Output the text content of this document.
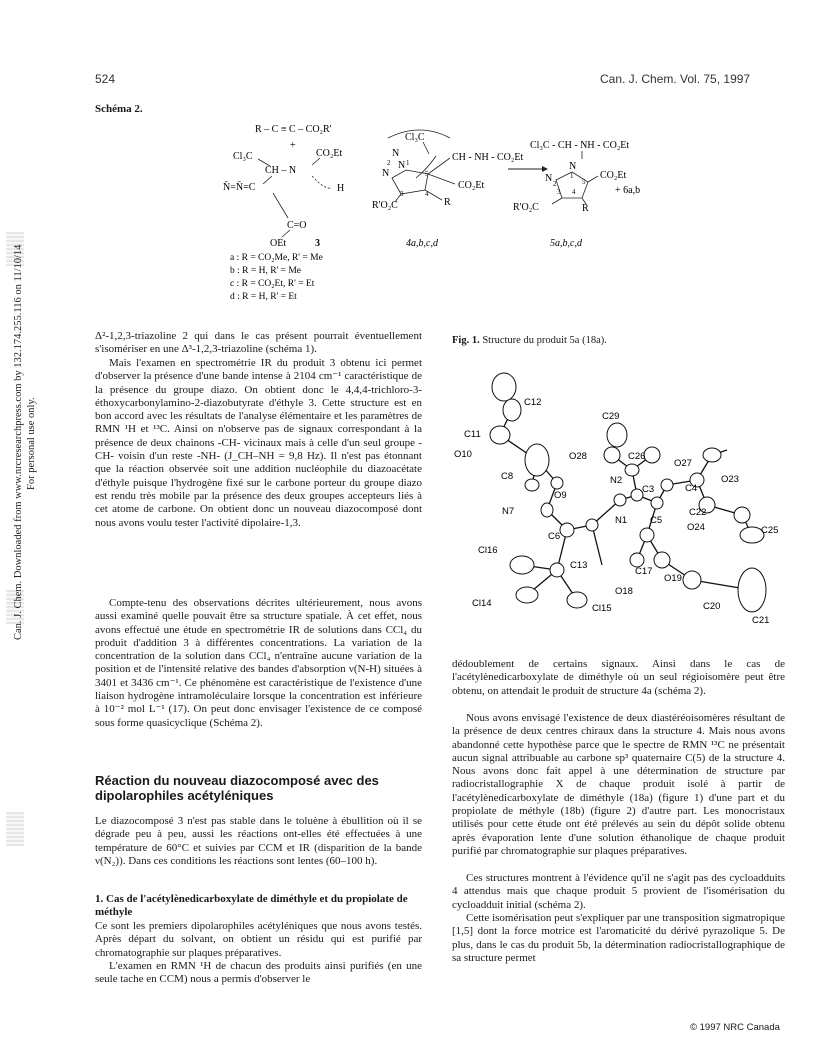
524	Can. J. Chem. Vol. 75, 1997
Can. J. Chem. Downloaded from www.nrcresearchpress.com by 132.174.255.116 on 11/10/14 For personal use only.
Schéma 2.
R – C ≡ C – CO₂R'
+
Cl₃C
CH – N
CO₂Et
H
N̄=N̄=C
C=O
OEt	3
Cl₃C
CH - NH - CO₂Et
CO₂Et
R
R'O₂C
N
N
N
2 1
5
4
3
4a,b,c,d
Cl₃C - CH - NH - CO₂Et
N
N	CO₂Et
+ 6a,b
R
R'O₂C
2
1
5
3 4
5a,b,c,d
a : R = CO₂Me, R' = Me
b : R = H, R' = Me
c : R = CO₂Et, R' = Et
d : R = H, R' = Et

Δ²-1,2,3-triazoline 2 qui dans le cas présent pourrait éventuellement s'isomériser en une Δ³-1,2,3-triazoline (schéma 1).

Mais l'examen en spectrométrie IR du produit 3 obtenu ici permet d'observer la présence d'une bande intense à 2104 cm⁻¹ caractéristique de la présence du groupe diazo. On obtient donc le 4,4,4-trichloro-3-éthoxycarbonylamino-2-diazobutyrate d'éthyle 3. Cette structure est en bon accord avec les résultats de l'analyse élémentaire et les paramètres de RMN ¹H et ¹³C. Ainsi on n'observe pas de signaux correspondant à la présence de deux chainons -CH- vicinaux mais à celle d'un seul groupe -CH- voisin d'un reste -NH- (J_CH–NH = 9,8 Hz). Il n'est pas étonnant que la réaction observée soit une addition nucléophile du diazoacétate d'éthyle puisque l'hydrogène fixé sur le carbone porteur du groupe diazo est rendu très mobile par la présence des deux groupes accepteurs liés à cet atome de carbone. On obtient donc un nouveau diazocomposé dont nous avons voulu tester l'activité dipolaire-1,3.

Compte-tenu des observations décrites ultérieurement, nous avons aussi examiné quelle pouvait être sa structure spatiale. À cet effet, nous avons effectué une étude en spectrométrie IR de solutions dans CCl₄ du produit d'addition 3 à différentes concentrations. La variation de la concentration de la solution dans CCl₄ n'entraîne aucune variation de la position et de l'intensité relative des bandes d'absorption ν(N-H) situées à 3401 et 3436 cm⁻¹. Ce phénomène est caractéristique de l'existence d'une liaison hydrogène intramoléculaire lorsque la concentration est inférieure à 10⁻² mol L⁻¹ (17). On peut donc envisager l'existence de ce composé sous forme quasicyclique (Schéma 2).

Réaction du nouveau diazocomposé avec des dipolarophiles acétyléniques

Le diazocomposé 3 n'est pas stable dans le toluène à ébullition où il se dégrade peu à peu, aussi les réactions ont-elles été effectuées à une température de 60°C et suivies par CCM et IR (disparition de la bande ν(N₂)). Dans ces conditions les réactions sont lentes (60–100 h).

1. Cas de l'acétylènedicarboxylate de diméthyle et du propiolate de méthyle

Ce sont les premiers dipolarophiles acétyléniques que nous avons testés. Après départ du solvant, on obtient un résidu qui est purifié par chromatographie sur plaques préparatives.

L'examen en RMN ¹H de chacun des produits ainsi purifiés (en une seule tache en CCM) nous a permis d'observer le

Fig. 1. Structure du produit 5a (18a).
C12
C11
O10
C8
O9
N7
C6
Cl16
C13
Cl14	Cl15
C29
O28	C26
O27
N2
C3	C4
O23
C22
N1 C5
O24	C25
C17
O19
O18
C20
C21

dédoublement de certains signaux. Ainsi dans le cas de l'acétylènedicarboxylate de diméthyle où un seul régioisomère peut être obtenu, on attendait le produit de structure 4a (schéma 2).

Nous avons envisagé l'existence de deux diastéréoisomères résultant de la présence de deux centres chiraux dans la structure 4. Mais nous avons abandonné cette hypothèse parce que le spectre de RMN ¹³C ne présentait aucun signal attribuable au carbone sp³ quaternaire C(5) de la structure 4. Nous avons donc fait appel à une détermination de structure par radiocristallographie X de chaque produit isolé à partir de l'acétylènedicarboxylate de diméthyle (18a) (figure 1) d'une part et du propiolate de méthyle (18b) (figure 2) d'autre part. Les monocristaux utilisés pour cette étude ont été prélevés au sein du dépôt solide obtenu après évaporation lente d'une solution éthanolique de chaque produit purifié par chromatographie sur plaques préparatives.

Ces structures montrent à l'évidence qu'il ne s'agit pas des cycloadduits 4 attendus mais que chaque produit 5 provient de l'isomérisation du cycloadduit initial (schéma 2).

Cette isomérisation peut s'expliquer par une transposition sigmatropique [1,5] dont la force motrice est l'aromaticité du dérivé pyrazolique 5. De plus, dans le cas du produit 5b, la détermination radiocristallographique de sa structure permet

© 1997 NRC Canada
